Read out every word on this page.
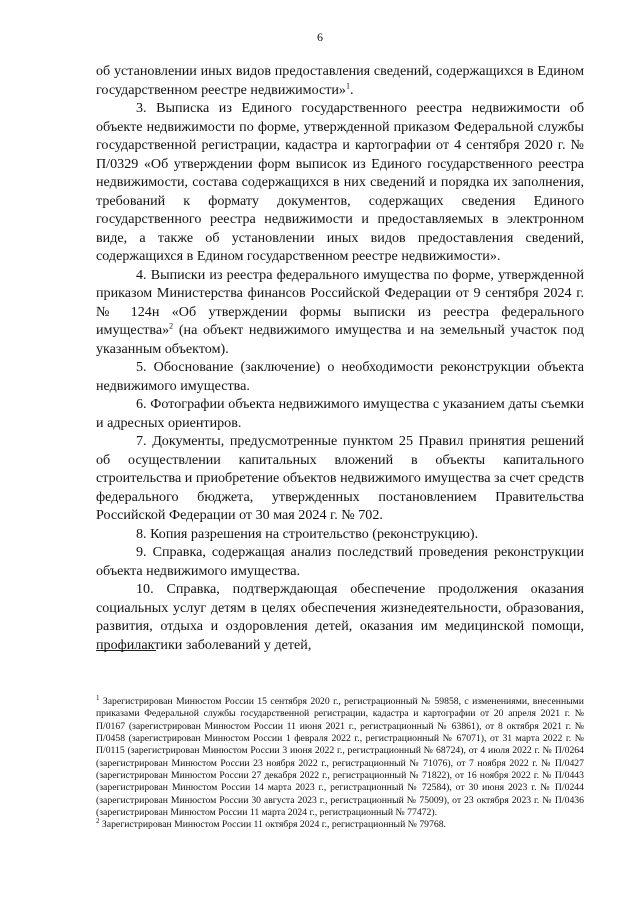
6

об установлении иных видов предоставления сведений, содержащихся в Едином государственном реестре недвижимости»$^1$.

3. Выписка из Единого государственного реестра недвижимости об объекте недвижимости по форме, утвержденной приказом Федеральной службы государственной регистрации, кадастра и картографии от 4 сентября 2020 г. № П/0329 «Об утверждении форм выписок из Единого государственного реестра недвижимости, состава содержащихся в них сведений и порядка их заполнения, требований к формату документов, содержащих сведения Единого государственного реестра недвижимости и предоставляемых в электронном виде, а также об установлении иных видов предоставления сведений, содержащихся в Едином государственном реестре недвижимости».

4. Выписки из реестра федерального имущества по форме, утвержденной приказом Министерства финансов Российской Федерации от 9 сентября 2024 г. № 124н «Об утверждении формы выписки из реестра федерального имущества»$^2$ (на объект недвижимого имущества и на земельный участок под указанным объектом).

5. Обоснование (заключение) о необходимости реконструкции объекта недвижимого имущества.

6. Фотографии объекта недвижимого имущества с указанием даты съемки и адресных ориентиров.

7. Документы, предусмотренные пунктом 25 Правил принятия решений об осуществлении капитальных вложений в объекты капитального строительства и приобретение объектов недвижимого имущества за счет средств федерального бюджета, утвержденных постановлением Правительства Российской Федерации от 30 мая 2024 г. № 702.

8. Копия разрешения на строительство (реконструкцию).

9. Справка, содержащая анализ последствий проведения реконструкции объекта недвижимого имущества.

10. Справка, подтверждающая обеспечение продолжения оказания социальных услуг детям в целях обеспечения жизнедеятельности, образования, развития, отдыха и оздоровления детей, оказания им медицинской помощи, профилактики заболеваний у детей,

$^1$ Зарегистрирован Минюстом России 15 сентября 2020 г., регистрационный № 59858, с изменениями, внесенными приказами Федеральной службы государственной регистрации, кадастра и картографии от 20 апреля 2021 г. № П/0167 (зарегистрирован Минюстом России 11 июня 2021 г., регистрационный № 63861), от 8 октября 2021 г. № П/0458 (зарегистрирован Минюстом России 1 февраля 2022 г., регистрационный № 67071), от 31 марта 2022 г. № П/0115 (зарегистрирован Минюстом России 3 июня 2022 г., регистрационный № 68724), от 4 июля 2022 г. № П/0264 (зарегистрирован Минюстом России 23 ноября 2022 г., регистрационный № 71076), от 7 ноября 2022 г. № П/0427 (зарегистрирован Минюстом России 27 декабря 2022 г., регистрационный № 71822), от 16 ноября 2022 г. № П/0443 (зарегистрирован Минюстом России 14 марта 2023 г., регистрационный № 72584), от 30 июня 2023 г. № П/0244 (зарегистрирован Минюстом России 30 августа 2023 г., регистрационный № 75009), от 23 октября 2023 г. № П/0436 (зарегистрирован Минюстом России 11 марта 2024 г., регистрационный № 77472).

$^2$ Зарегистрирован Минюстом России 11 октября 2024 г., регистрационный № 79768.
